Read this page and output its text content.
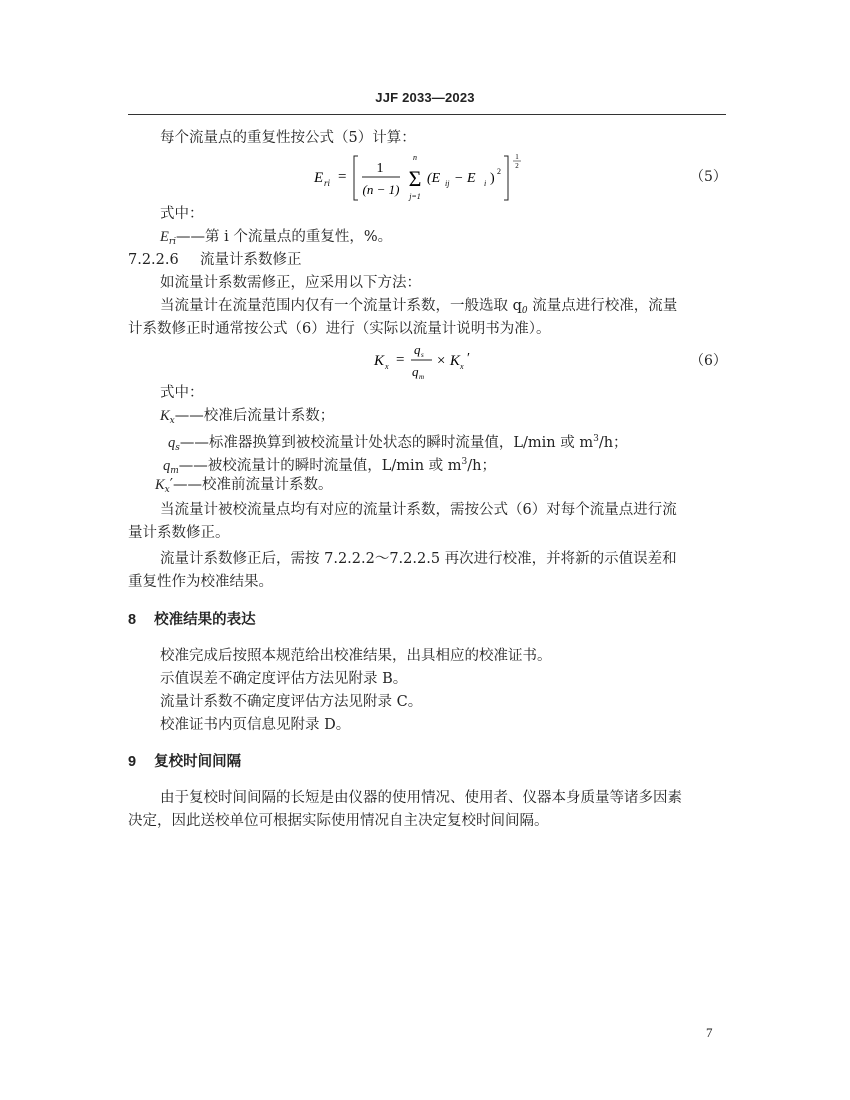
JJF 2033—2023
每个流量点的重复性按公式（5）计算：
E ri =
1
(n − 1)
n
Σ
j=1
(E ij − E i ) 2
1
2
（5）
式中：
$E_{ri}——$第 i 个流量点的重复性，%。
7.2.2.6 流量计系数修正
如流量计系数需修正，应采用以下方法：
当流量计在流量范围内仅有一个流量计系数，一般选取 $q_0$ 流量点进行校准，流量
计系数修正时通常按公式（6）进行（实际以流量计说明书为准）。
K x =
q s
q m
× K x
′	（6）
式中：
$K_x——$校准后流量计系数；
$q_s——$标准器换算到被校流量计处状态的瞬时流量值，L/min 或 $m^3/h$；
$q_m——$被校流量计的瞬时流量值，L/min 或 $m^3/h$；
$K_x'——$校准前流量计系数。
当流量计被校流量点均有对应的流量计系数，需按公式（6）对每个流量点进行流
量计系数修正。
流量计系数修正后，需按 7.2.2.2～7.2.2.5 再次进行校准，并将新的示值误差和
重复性作为校准结果。
8 校准结果的表达
校准完成后按照本规范给出校准结果，出具相应的校准证书。
示值误差不确定度评估方法见附录 B。
流量计系数不确定度评估方法见附录 C。
校准证书内页信息见附录 D。
9 复校时间间隔
由于复校时间间隔的长短是由仪器的使用情况、使用者、仪器本身质量等诸多因素
决定，因此送校单位可根据实际使用情况自主决定复校时间间隔。
7
